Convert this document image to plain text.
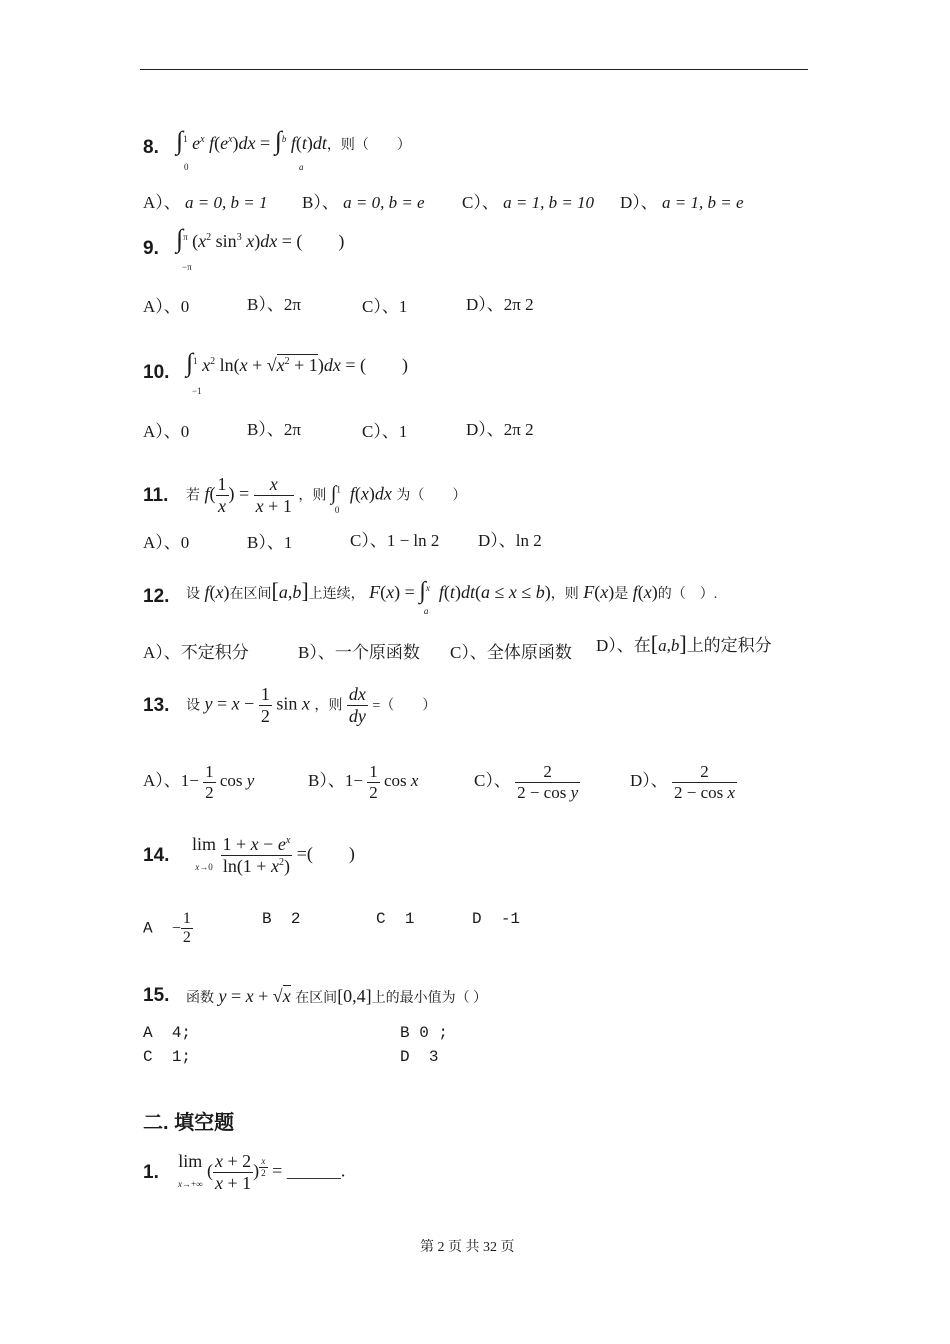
8. ∫$^1$
0
$e^x$ $f(e^x)dx = \int^b$
a
f(t)dt，则（　　）
A）、 a = 0, b = 1 B）、 a = 0, b = e C）、 a = 1, b = 10 D）、 a = 1, b = e
9. ∫$^\pi$
−π
($x^2$ $\sin^3 x)dx$ = (　　)
A）、0	B）、2π	C）、1	D）、2π 2
10. ∫$^1$
−1
$x^2$ $\ln(x + √x^2 + 1)dx$ = (　　)
A）、0	B）、2π	C）、1	D）、2π 2
11. 若 $f( \frac{1}{x}$ ) = $\frac{x}{x + 1}$ ，则 ∫$^1_0$ f(x)dx 为（　　）
A）、0	B）、1	C）、1 − ln 2 D）、ln 2
12. 设 f(x)在区间[a,b]上连续， F(x) = ∫$^x_a$ f(t)dt(a ≤ x ≤ b)，则 F(x)是 f(x)的（　）.
A）、不定积分	B）、一个原函数 C）、全体原函数 D）、在[a,b]上的定积分
13. 设 $y = x - \frac{1}{2}$ sin x ，则 $\frac{dx}{dy}$ =（　　）
A）、$1- \frac{1}{2}$ cos y	B）、$1- \frac{1}{2}$ cos x	C）、 $\frac{2}{\text{2 − cos y}}$	D）、 $\frac{2}{\text{2 − cos x}}$
14.
lim
$x\to 0 \frac{1 + x - e^x}{\ln(1 + x^2)}$ =(　　)
$A - \frac{1}{2}$	B 2	C 1	D -1
15. 函数 y = x + √x 在区间[0,4]上的最小值为（ ）
A 4;	B 0 ;
C 1;	D 3
二. 填空题
1.
lim
x→+∞ ( $\frac{x + 2}{x + 1}$ ) $^{\frac{x}{2}}$ = ______.
第 2 页 共 32 页
